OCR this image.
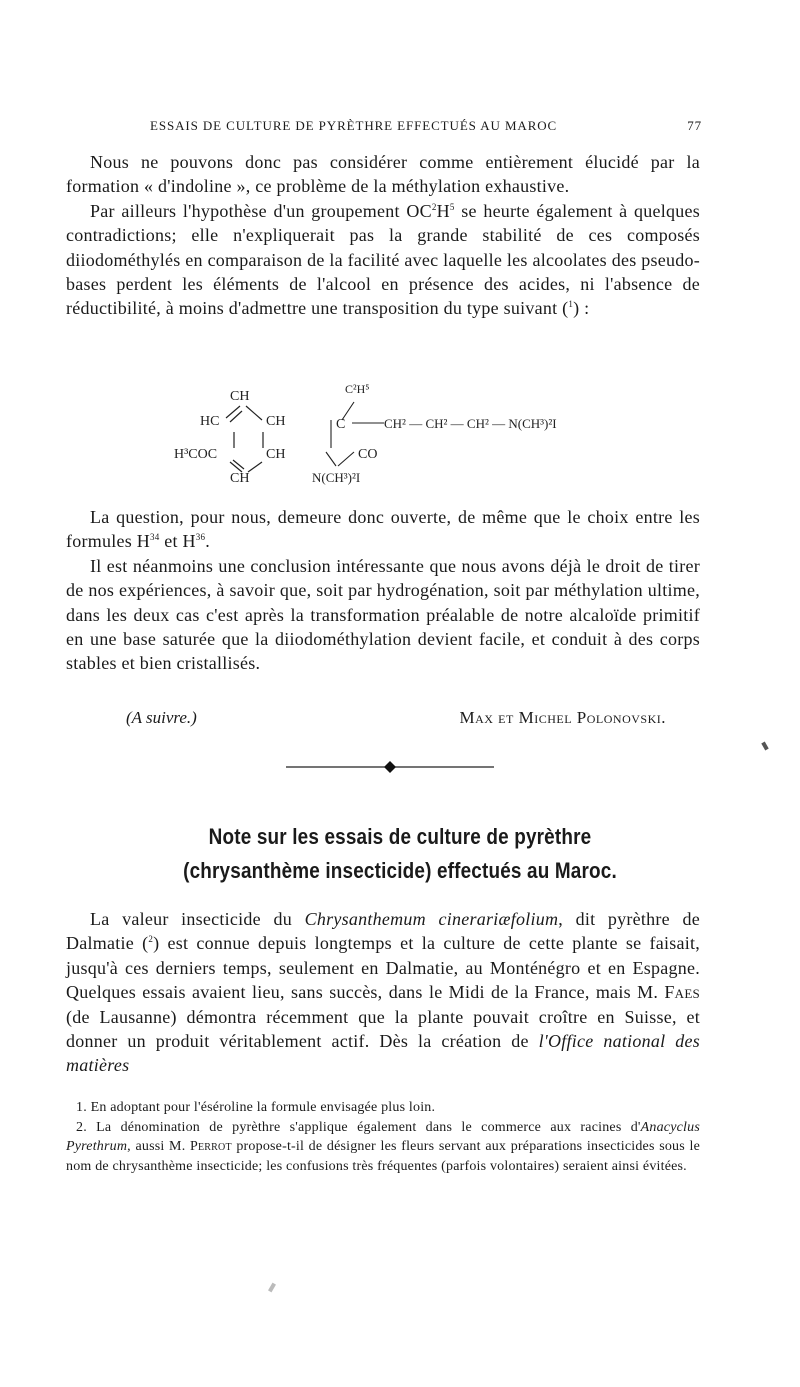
ESSAIS DE CULTURE DE PYRÈTHRE EFFECTUÉS AU MAROC	77

Nous ne pouvons donc pas considérer comme entièrement élucidé par la formation « d'indoline », ce problème de la méthylation exhaustive.

Par ailleurs l'hypothèse d'un groupement $OC^2H^5$ se heurte également à quelques contradictions; elle n'expliquerait pas la grande stabilité de ces composés diiodométhylés en comparaison de la facilité avec laquelle les alcoolates des pseudo-bases perdent les éléments de l'alcool en présence des acides, ni l'absence de réductibilité, à moins d'admettre une transposition du type suivant ($^1$) :

CH
HC	CH
H³COC	CH
CH
C²H⁵
C	CH² — CH² — CH² — N(CH³)²I
CO
N(CH³)²I

La question, pour nous, demeure donc ouverte, de même que le choix entre les formules $H^{34}$ et $H^{36}$.

Il est néanmoins une conclusion intéressante que nous avons déjà le droit de tirer de nos expériences, à savoir que, soit par hydrogénation, soit par méthylation ultime, dans les deux cas c'est après la transformation préalable de notre alcaloïde primitif en une base saturée que la diiodométhylation devient facile, et conduit à des corps stables et bien cristallisés.

(A suivre.)	Max et Michel Polonovski.
Note sur les essais de culture de pyrèthre
(chrysanthème insecticide) effectués au Maroc.

La valeur insecticide du Chrysanthemum cinerariæfolium, dit pyrèthre de Dalmatie ($^2$) est connue depuis longtemps et la culture de cette plante se faisait, jusqu'à ces derniers temps, seulement en Dalmatie, au Monténégro et en Espagne. Quelques essais avaient lieu, sans succès, dans le Midi de la France, mais M. Faes (de Lausanne) démontra récemment que la plante pouvait croître en Suisse, et donner un produit véritablement actif. Dès la création de l'Office national des matières

1. En adoptant pour l'éséroline la formule envisagée plus loin.

2. La dénomination de pyrèthre s'applique également dans le commerce aux racines d'Anacyclus Pyrethrum, aussi M. Perrot propose-t-il de désigner les fleurs servant aux préparations insecticides sous le nom de chrysanthème insecticide; les confusions très fréquentes (parfois volontaires) seraient ainsi évitées.
